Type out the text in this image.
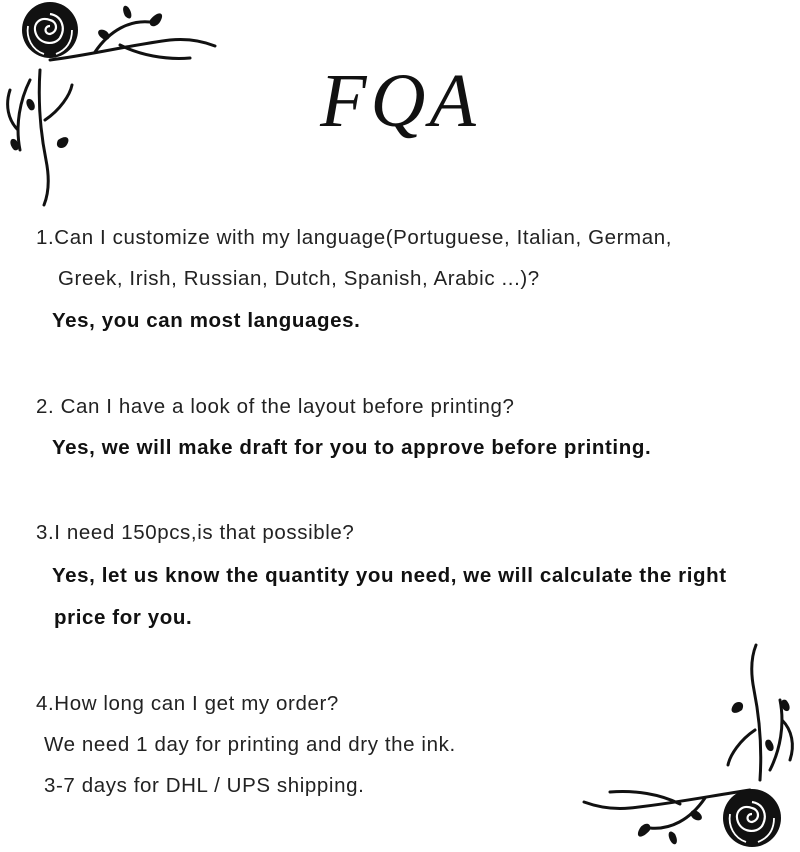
FQA
1.Can I customize with my language(Portuguese, Italian, German,
Greek, Irish, Russian, Dutch, Spanish, Arabic ...)?
Yes, you can most languages.
2. Can I have a look of the layout before printing?
Yes, we will make draft for you to approve before printing.
3.I need 150pcs,is that possible?
Yes, let us know the quantity you need, we will calculate the right
price for you.
4.How long can I get my order?
We need 1 day for printing and dry the ink.
3-7 days for DHL / UPS shipping.
